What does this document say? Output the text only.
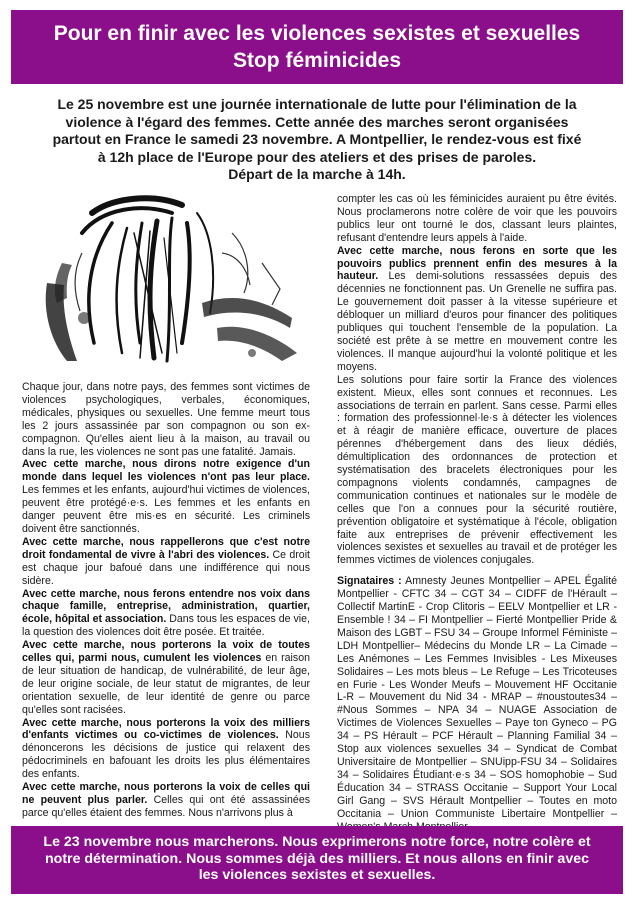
Pour en finir avec les violences sexistes et sexuelles
Stop féminicides
Le 25 novembre est une journée internationale de lutte pour l'élimination de la
violence à l'égard des femmes. Cette année des marches seront organisées
partout en France le samedi 23 novembre. A Montpellier, le rendez-vous est fixé
à 12h place de l'Europe pour des ateliers et des prises de paroles.
Départ de la marche à 14h.

Chaque jour, dans notre pays, des femmes sont victimes de violences psychologiques, verbales, économiques, médicales, physiques ou sexuelles. Une femme meurt tous les 2 jours assassinée par son compagnon ou son ex-compagnon. Qu'elles aient lieu à la maison, au travail ou dans la rue, les violences ne sont pas une fatalité. Jamais.

Avec cette marche, nous dirons notre exigence d'un monde dans lequel les violences n'ont pas leur place. Les femmes et les enfants, aujourd'hui victimes de violences, peuvent être protégé·e·s. Les femmes et les enfants en danger peuvent être mis·es en sécurité. Les criminels doivent être sanctionnés.

Avec cette marche, nous rappellerons que c'est notre droit fondamental de vivre à l'abri des violences. Ce droit est chaque jour bafoué dans une indifférence qui nous sidère.

Avec cette marche, nous ferons entendre nos voix dans chaque famille, entreprise, administration, quartier, école, hôpital et association. Dans tous les espaces de vie, la question des violences doit être posée. Et traitée.

Avec cette marche, nous porterons la voix de toutes celles qui, parmi nous, cumulent les violences en raison de leur situation de handicap, de vulnérabilité, de leur âge, de leur origine sociale, de leur statut de migrantes, de leur orientation sexuelle, de leur identité de genre ou parce qu'elles sont racisées.

Avec cette marche, nous porterons la voix des milliers d'enfants victimes ou co-victimes de violences. Nous dénoncerons les décisions de justice qui relaxent des pédocriminels en bafouant les droits les plus élémentaires des enfants.

Avec cette marche, nous porterons la voix de celles qui ne peuvent plus parler. Celles qui ont été assassinées parce qu'elles étaient des femmes. Nous n'arrivons plus à

compter les cas où les féminicides auraient pu être évités. Nous proclamerons notre colère de voir que les pouvoirs publics leur ont tourné le dos, classant leurs plaintes, refusant d'entendre leurs appels à l'aide.

Avec cette marche, nous ferons en sorte que les pouvoirs publics prennent enfin des mesures à la hauteur. Les demi-solutions ressassées depuis des décennies ne fonctionnent pas. Un Grenelle ne suffira pas. Le gouvernement doit passer à la vitesse supérieure et débloquer un milliard d'euros pour financer des politiques publiques qui touchent l'ensemble de la population. La société est prête à se mettre en mouvement contre les violences. Il manque aujourd'hui la volonté politique et les moyens.

Les solutions pour faire sortir la France des violences existent. Mieux, elles sont connues et reconnues. Les associations de terrain en parlent. Sans cesse. Parmi elles : formation des professionnel·le·s à détecter les violences et à réagir de manière efficace, ouverture de places pérennes d'hébergement dans des lieux dédiés, démultiplication des ordonnances de protection et systématisation des bracelets électroniques pour les compagnons violents condamnés, campagnes de communication continues et nationales sur le modèle de celles que l'on a connues pour la sécurité routière, prévention obligatoire et systématique à l'école, obligation faite aux entreprises de prévenir effectivement les violences sexistes et sexuelles au travail et de protéger les femmes victimes de violences conjugales.

Signataires : Amnesty Jeunes Montpellier – APEL Égalité Montpellier - CFTC 34 – CGT 34 – CIDFF de l'Hérault – Collectif MartinE - Crop Clitoris – EELV Montpellier et LR - Ensemble ! 34 – FI Montpellier – Fierté Montpellier Pride & Maison des LGBT – FSU 34 – Groupe Informel Féministe – LDH Montpellier– Médecins du Monde LR – La Cimade – Les Anémones – Les Femmes Invisibles - Les Mixeuses Solidaires – Les mots bleus – Le Refuge – Les Tricoteuses en Furie - Les Wonder Meufs – Mouvement HF Occitanie L-R – Mouvement du Nid 34 - MRAP – #noustoutes34 – #Nous Sommes – NPA 34 – NUAGE Association de Victimes de Violences Sexuelles – Paye ton Gyneco – PG 34 – PS Hérault – PCF Hérault – Planning Familial 34 – Stop aux violences sexuelles 34 – Syndicat de Combat Universitaire de Montpellier – SNUipp-FSU 34 – Solidaires 34 – Solidaires Étudiant·e·s 34 – SOS homophobie – Sud Éducation 34 – STRASS Occitanie – Support Your Local Girl Gang – SVS Hérault Montpellier – Toutes en moto Occitania – Union Communiste Libertaire Montpellier –

Le 23 novembre nous marcherons. Nous exprimerons notre force, notre colère et
notre détermination. Nous sommes déjà des milliers. Et nous allons en finir avec
les violences sexistes et sexuelles.
